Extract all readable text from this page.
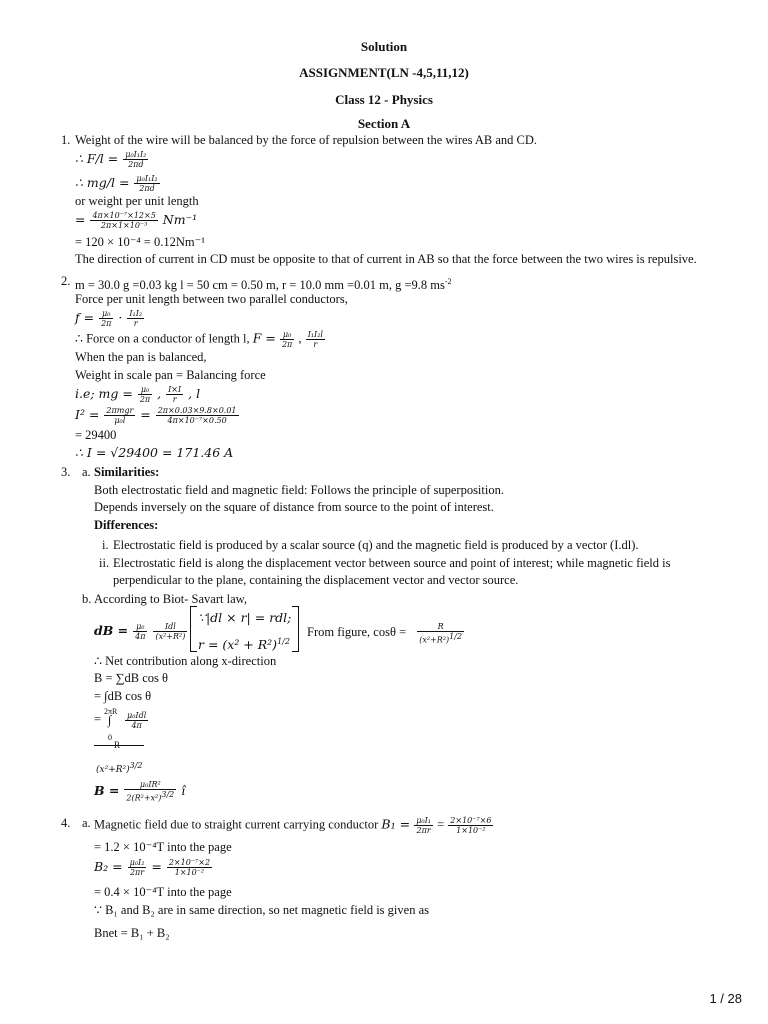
Solution
ASSIGNMENT(LN -4,5,11,12)
Class 12 - Physics
Section A
1. Weight of the wire will be balanced by the force of repulsion between the wires AB and CD.
∴ $F/l = \frac{\text{μ₀I₁I₂}}{2\pi d}$
∴ $mg/l = \frac{\text{μ₀I₁I₂}}{2\pi d}$
or weight per unit length
= $\frac{\text{4π×10⁻⁷×12×5}}{\text{2π×1×10⁻³}} Nm^{-1}$
= 120 × 10⁻⁴ = 0.12Nm⁻¹
The direction of current in CD must be opposite to that of current in AB so that the force between the two wires is repulsive.
2. m = 30.0 g =0.03 kg l = 50 cm = 0.50 m, r = 10.0 mm =0.01 m, g =9.8 $ms^{-2}$
Force per unit length between two parallel conductors,
$f = \frac{\text{μ₀}}{2\pi} \cdot \frac{\text{I₁I₂}}{r}$
∴ Force on a conductor of length l, $F = \frac{\text{μ₀}}{2\pi}$ , $\frac{\text{I₁I₂l}}{r}$
When the pan is balanced,
Weight in scale pan = Balancing force
i.e; mg = $\frac{\text{μ₀}}{2\pi}$ , $\frac{I\times I}{r}$ , l
$I^2 = \frac{\text{2πmgr}}{\text{μ₀l}} = \frac{2\pi\times 0.03\times 9.8\times 0.01}{\text{4π×10⁻⁷×0.50}}$
= 29400
∴ I = √29400 = 171.46 A
3. a. Similarities:
Both electrostatic field and magnetic field: Follows the principle of superposition.
Depends inversely on the square of distance from source to the point of interest.
Differences:
i. Electrostatic field is produced by a scalar source (q) and the magnetic field is produced by a vector (I.dl).
ii. Electrostatic field is along the displacement vector between source and point of interest; while magnetic field is
perpendicular to the plane, containing the displacement vector and vector source.
b. According to Biot- Savart law,
dB = $\frac{\text{μ₀}}{4\pi}$
$\frac{\text{Idl}}{\text{(x²+R²)}}$
∵|dl × r| = rdl;
$r = (x^2 + R^2)^{1/2}$
From figure, $\cos\theta = \frac{R}{(x^2+R^2)^{1/2}}$
∴ Net contribution along x-direction
B = ∑dB cos θ
= ∫dB cos θ
=
2πR
∫
0
$\frac{\text{μ₀Idl}}{4\pi}$
R
$(x^2+R^2)^{3/2}$
$B = \frac{\text{μ₀IR²}}{2(R^2+x^2)^{3/2}}$ î
4. a. Magnetic field due to straight current carrying conductor $B_1 = \frac{\text{μ₀I₁}}{2\pi r} = \frac{\text{2×10⁻⁷×6}}{\text{1×10⁻²}}$
= 1.2 × 10⁻⁴T into the page
$B_2 = \frac{\text{μ₀I₂}}{2\pi r} = \frac{\text{2×10⁻⁷×2}}{\text{1×10⁻²}}$
= 0.4 × 10⁻⁴T into the page
∵ B₁ and B₂ are in same direction, so net magnetic field is given as
Bnet = B₁ + B₂
1 / 28
